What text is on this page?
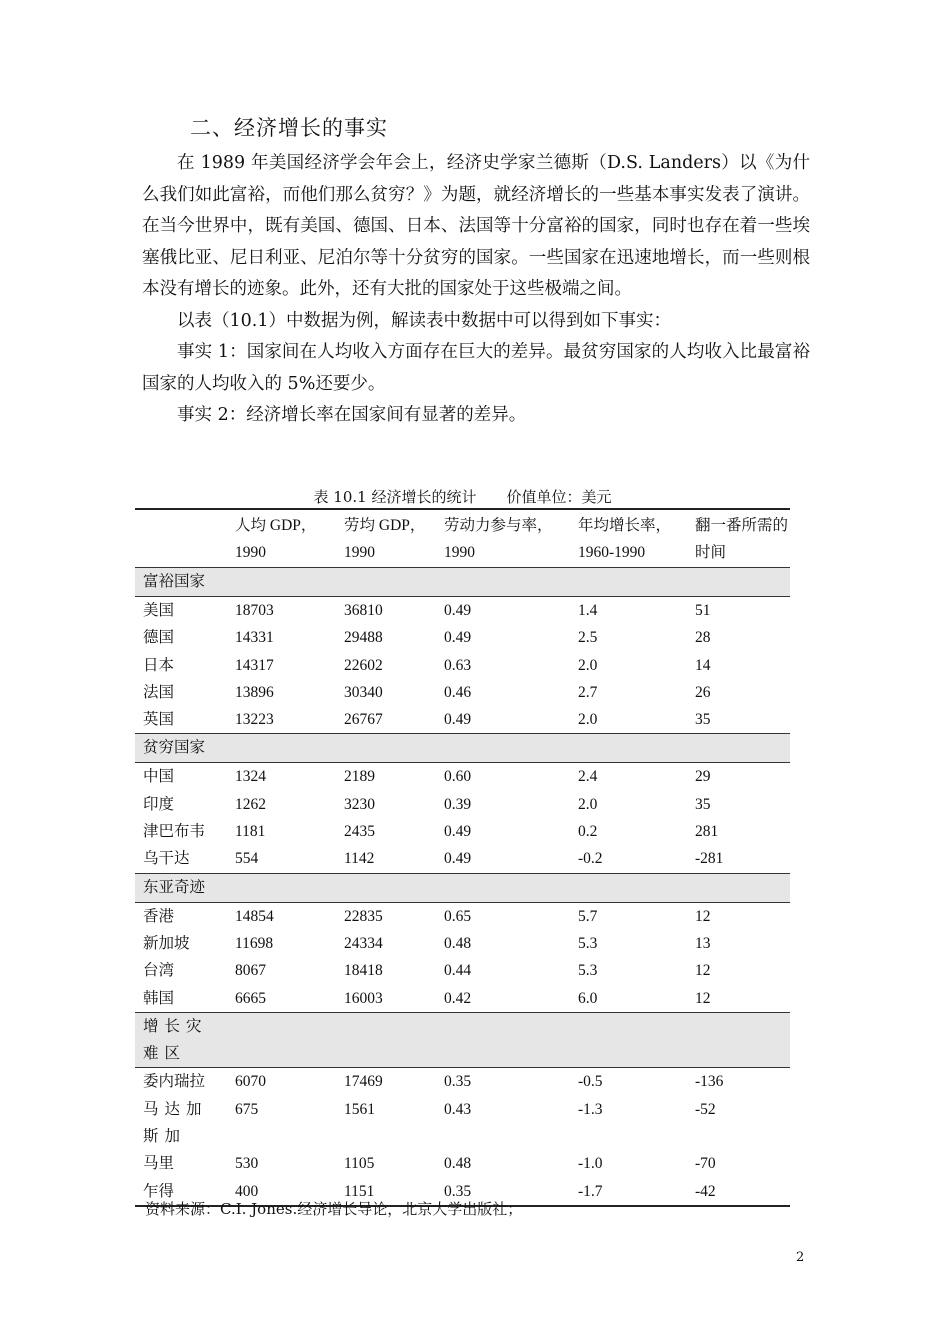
二、经济增长的事实

在 1989 年美国经济学会年会上，经济史学家兰德斯（D.S. Landers）以《为什么我们如此富裕，而他们那么贫穷？》为题，就经济增长的一些基本事实发表了演讲。在当今世界中，既有美国、德国、日本、法国等十分富裕的国家，同时也存在着一些埃塞俄比亚、尼日利亚、尼泊尔等十分贫穷的国家。一些国家在迅速地增长，而一些则根本没有增长的迹象。此外，还有大批的国家处于这些极端之间。

以表（10.1）中数据为例，解读表中数据中可以得到如下事实：

事实 1：国家间在人均收入方面存在巨大的差异。最贫穷国家的人均收入比最富裕国家的人均收入的 5%还要少。

事实 2：经济增长率在国家间有显著的差异。

表 10.1 经济增长的统计　　价值单位：美元
	人均 GDP，1990	劳均 GDP，1990	劳动力参与率，1990	年均增长率，1960-1990	翻一番所需的时间
富裕国家					
美国	18703	36810	0.49	1.4	51
德国	14331	29488	0.49	2.5	28
日本	14317	22602	0.63	2.0	14
法国	13896	30340	0.46	2.7	26
英国	13223	26767	0.49	2.0	35
贫穷国家					
中国	1324	2189	0.60	2.4	29
印度	1262	3230	0.39	2.0	35
津巴布韦	1181	2435	0.49	0.2	281
乌干达	554	1142	0.49	-0.2	-281
东亚奇迹					
香港	14854	22835	0.65	5.7	12
新加坡	11698	24334	0.48	5.3	13
台湾	8067	18418	0.44	5.3	12
韩国	6665	16003	0.42	6.0	12
增长灾难区					
委内瑞拉	6070	17469	0.35	-0.5	-136
马达加斯加	675	1561	0.43	-1.3	-52
马里	530	1105	0.48	-1.0	-70
乍得	400	1151	0.35	-1.7	-42
资料来源：C.I. Jones.经济增长导论，北京大学出版社；
2
